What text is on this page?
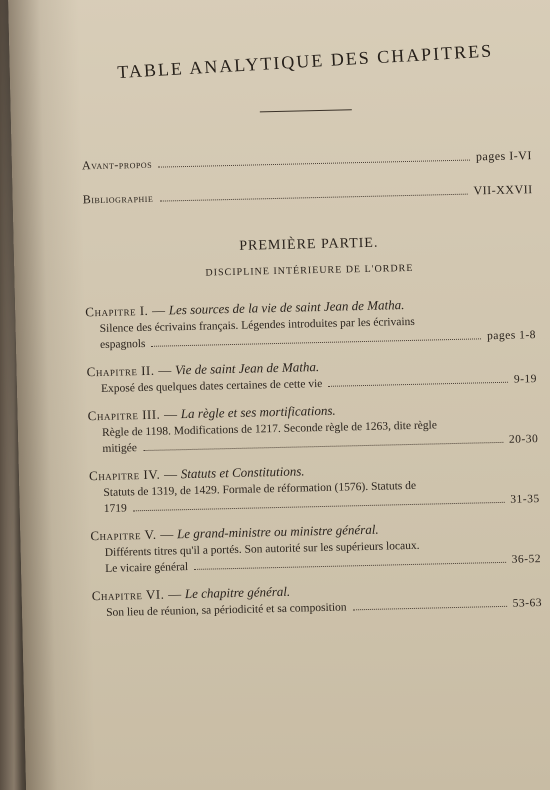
TABLE ANALYTIQUE DES CHAPITRES
Avant-propos
pages I-VI
Bibliographie
VII-XXVII
PREMIÈRE PARTIE.
DISCIPLINE INTÉRIEURE DE L'ORDRE
Chapitre I. — Les sources de la vie de saint Jean de Matha.
Silence des écrivains français. Légendes introduites par les écrivains
espagnols
pages 1-8
Chapitre II. — Vie de saint Jean de Matha.
Exposé des quelques dates certaines de cette vie	9-19
Chapitre III. — La règle et ses mortifications.
Règle de 1198. Modifications de 1217. Seconde règle de 1263, dite règle
mitigée
20-30
Chapitre IV. — Statuts et Constitutions.
Statuts de 1319, de 1429. Formale de réformation (1576). Statuts de
1719
31-35
Chapitre V. — Le grand-ministre ou ministre général.
Différents titres qu'il a portés. Son autorité sur les supérieurs locaux.
Le vicaire général
36-52
Chapitre VI. — Le chapitre général.
Son lieu de réunion, sa périodicité et sa composition	53-63
